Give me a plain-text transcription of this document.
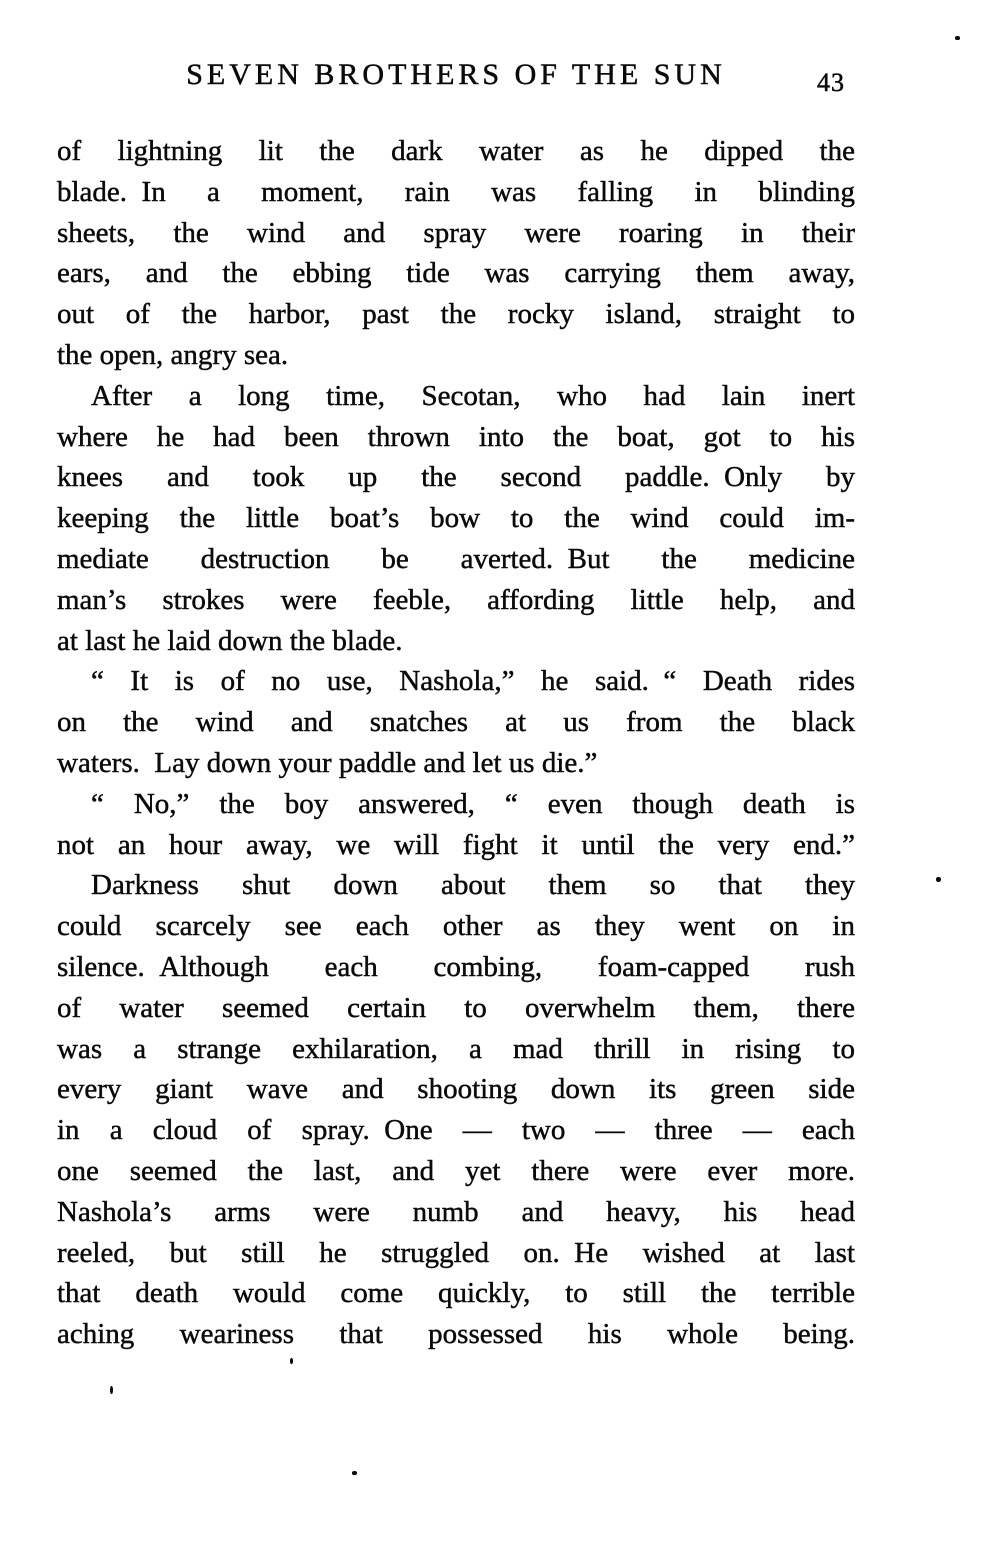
SEVEN BROTHERS OF THE SUN	43
of lightning lit the dark water as he dipped the
blade. In a moment, rain was falling in blinding
sheets, the wind and spray were roaring in their
ears, and the ebbing tide was carrying them away,
out of the harbor, past the rocky island, straight to
the open, angry sea.
After a long time, Secotan, who had lain inert
where he had been thrown into the boat, got to his
knees and took up the second paddle. Only by
keeping the little boat’s bow to the wind could im-
mediate destruction be averted. But the medicine
man’s strokes were feeble, affording little help, and
at last he laid down the blade.
“ It is of no use, Nashola,” he said. “ Death rides
on the wind and snatches at us from the black
waters. Lay down your paddle and let us die.”
“ No,” the boy answered, “ even though death is
not an hour away, we will fight it until the very end.”
Darkness shut down about them so that they
could scarcely see each other as they went on in
silence. Although each combing, foam-capped rush
of water seemed certain to overwhelm them, there
was a strange exhilaration, a mad thrill in rising to
every giant wave and shooting down its green side
in a cloud of spray. One — two — three — each
one seemed the last, and yet there were ever more.
Nashola’s arms were numb and heavy, his head
reeled, but still he struggled on. He wished at last
that death would come quickly, to still the terrible
aching weariness that possessed his whole being.
